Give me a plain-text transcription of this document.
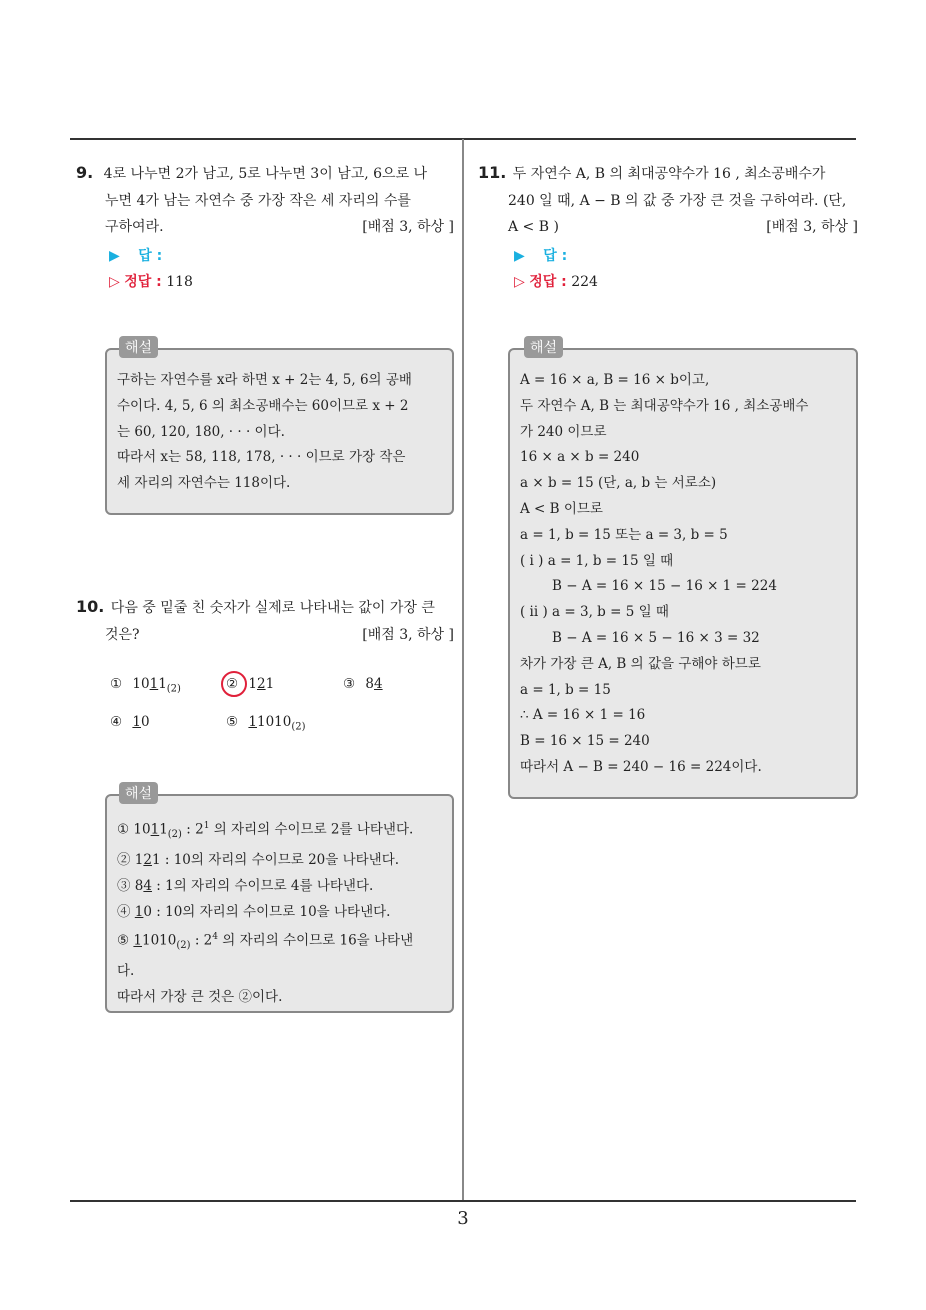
9. 4로 나누면 2가 남고, 5로 나누면 3이 남고, 6으로 나
누면 4가 남는 자연수 중 가장 작은 세 자리의 수를
구하여라.	[배점 3, 하상 ]
▶ 답 :
▷ 정답 : 118
해설
구하는 자연수를 x라 하면 x + 2는 4, 5, 6의 공배
수이다. 4, 5, 6 의 최소공배수는 60이므로 x + 2
는 60, 120, 180, · · · 이다.
따라서 x는 58, 118, 178, · · · 이므로 가장 작은
세 자리의 자연수는 118이다.
10. 다음 중 밑줄 친 숫자가 실제로 나타내는 값이 가장 큰
것은?	[배점 3, 하상 ]
① $1011_{(2)}$	② 121	③ 84
④ 10	⑤ $11010_{(2)}$
해설
① $1011_{(2)}$ : $2^1$ 의 자리의 수이므로 2를 나타낸다.
② 121 : 10의 자리의 수이므로 20을 나타낸다.
③ 84 : 1의 자리의 수이므로 4를 나타낸다.
④ 10 : 10의 자리의 수이므로 10을 나타낸다.
⑤ $11010_{(2)}$ : $2^4$ 의 자리의 수이므로 16을 나타낸
다.
따라서 가장 큰 것은 ②이다.
11. 두 자연수 A, B 의 최대공약수가 16 , 최소공배수가
240 일 때, A − B 의 값 중 가장 큰 것을 구하여라. (단,
A < B )	[배점 3, 하상 ]
▶ 답 :
▷ 정답 : 224
해설
A = 16 × a, B = 16 × b이고,
두 자연수 A, B 는 최대공약수가 16 , 최소공배수
가 240 이므로
16 × a × b = 240
a × b = 15 (단, a, b 는 서로소)
A < B 이므로
a = 1, b = 15 또는 a = 3, b = 5
( i ) a = 1, b = 15 일 때
B − A = 16 × 15 − 16 × 1 = 224
( ii ) a = 3, b = 5 일 때
B − A = 16 × 5 − 16 × 3 = 32
차가 가장 큰 A, B 의 값을 구해야 하므로
a = 1, b = 15
∴ A = 16 × 1 = 16
B = 16 × 15 = 240
따라서 A − B = 240 − 16 = 224이다.
3
